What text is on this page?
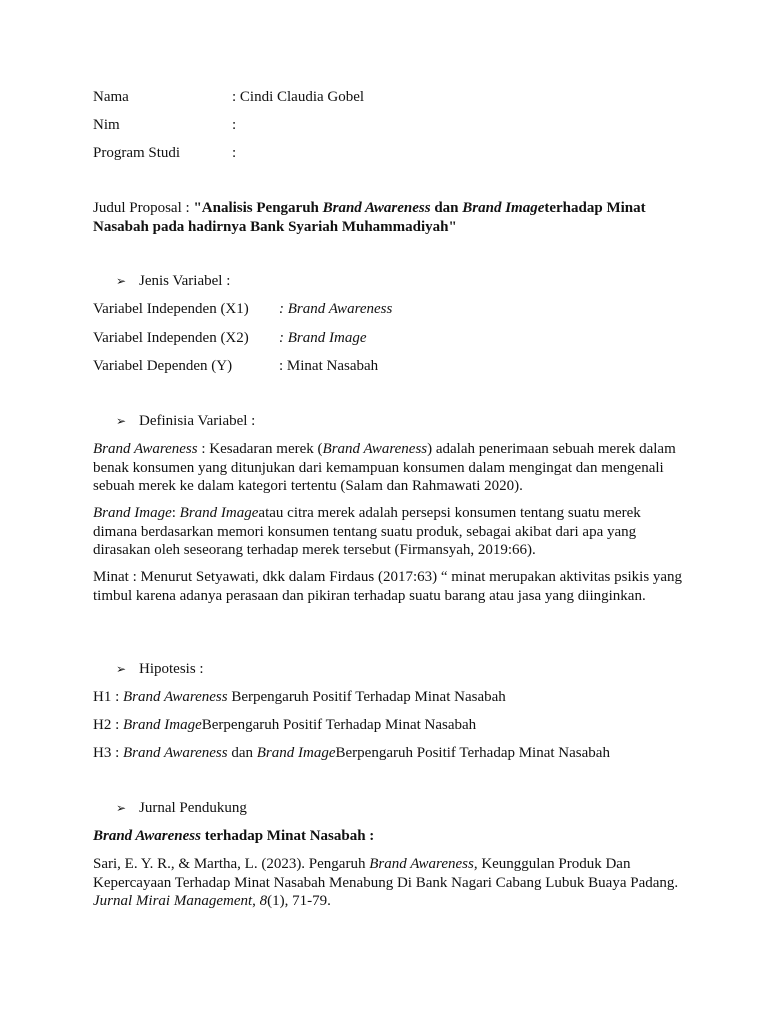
Nama	: Cindi Claudia Gobel
Nim	:
Program Studi	:
Judul Proposal : "Analisis Pengaruh Brand Awareness dan Brand Imageterhadap Minat
Nasabah pada hadirnya Bank Syariah Muhammadiyah"
➢ Jenis Variabel :
Variabel Independen (X1) : Brand Awareness
Variabel Independen (X2) : Brand Image
Variabel Dependen (Y)	: Minat Nasabah
➢ Definisia Variabel :
Brand Awareness : Kesadaran merek (Brand Awareness) adalah penerimaan sebuah merek dalam benak konsumen yang ditunjukan dari kemampuan konsumen dalam mengingat dan mengenali sebuah merek ke dalam kategori tertentu (Salam dan Rahmawati 2020).
Brand Image: Brand Imageatau citra merek adalah persepsi konsumen tentang suatu merek dimana berdasarkan memori konsumen tentang suatu produk, sebagai akibat dari apa yang dirasakan oleh seseorang terhadap merek tersebut (Firmansyah, 2019:66).
Minat : Menurut Setyawati, dkk dalam Firdaus (2017:63) “ minat merupakan aktivitas psikis yang timbul karena adanya perasaan dan pikiran terhadap suatu barang atau jasa yang diinginkan.
➢ Hipotesis :
H1 : Brand Awareness Berpengaruh Positif Terhadap Minat Nasabah
H2 : Brand ImageBerpengaruh Positif Terhadap Minat Nasabah
H3 : Brand Awareness dan Brand ImageBerpengaruh Positif Terhadap Minat Nasabah
➢ Jurnal Pendukung
Brand Awareness terhadap Minat Nasabah :
Sari, E. Y. R., & Martha, L. (2023). Pengaruh Brand Awareness, Keunggulan Produk Dan Kepercayaan Terhadap Minat Nasabah Menabung Di Bank Nagari Cabang Lubuk Buaya Padang. Jurnal Mirai Management, 8(1), 71-79.
